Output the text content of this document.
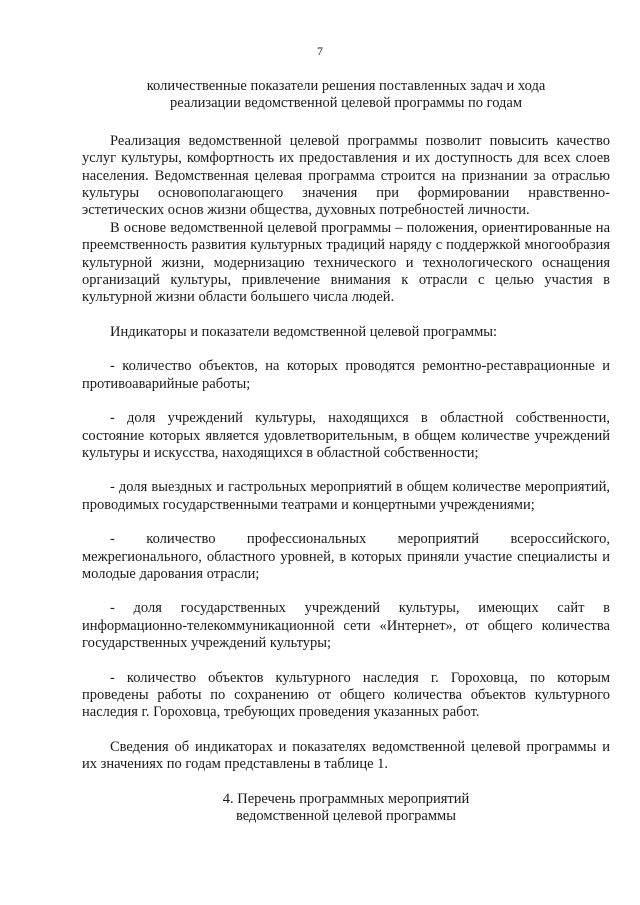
7

количественные показатели решения поставленных задач и хода

реализации ведомственной целевой программы по годам

Реализация ведомственной целевой программы позволит повысить качество услуг культуры, комфортность их предоставления и их доступность для всех слоев населения. Ведомственная целевая программа строится на признании за отраслью культуры основополагающего значения при формировании нравственно-эстетических основ жизни общества, духовных потребностей личности.

В основе ведомственной целевой программы – положения, ориентированные на преемственность развития культурных традиций наряду с поддержкой многообразия культурной жизни, модернизацию технического и технологического оснащения организаций культуры, привлечение внимания к отрасли с целью участия в культурной жизни области большего числа людей.

Индикаторы и показатели ведомственной целевой программы:

- количество объектов, на которых проводятся ремонтно-реставрационные и противоаварийные работы;

- доля учреждений культуры, находящихся в областной собственности, состояние которых является удовлетворительным, в общем количестве учреждений культуры и искусства, находящихся в областной собственности;

- доля выездных и гастрольных мероприятий в общем количестве мероприятий, проводимых государственными театрами и концертными учреждениями;

- количество профессиональных мероприятий всероссийского, межрегионального, областного уровней, в которых приняли участие специалисты и молодые дарования отрасли;

- доля государственных учреждений культуры, имеющих сайт в информационно-телекоммуникационной сети «Интернет», от общего количества государственных учреждений культуры;

- количество объектов культурного наследия г. Гороховца, по которым проведены работы по сохранению от общего количества объектов культурного наследия г. Гороховца, требующих проведения указанных работ.

Сведения об индикаторах и показателях ведомственной целевой программы и их значениях по годам представлены в таблице 1.

4. Перечень программных мероприятий

ведомственной целевой программы
